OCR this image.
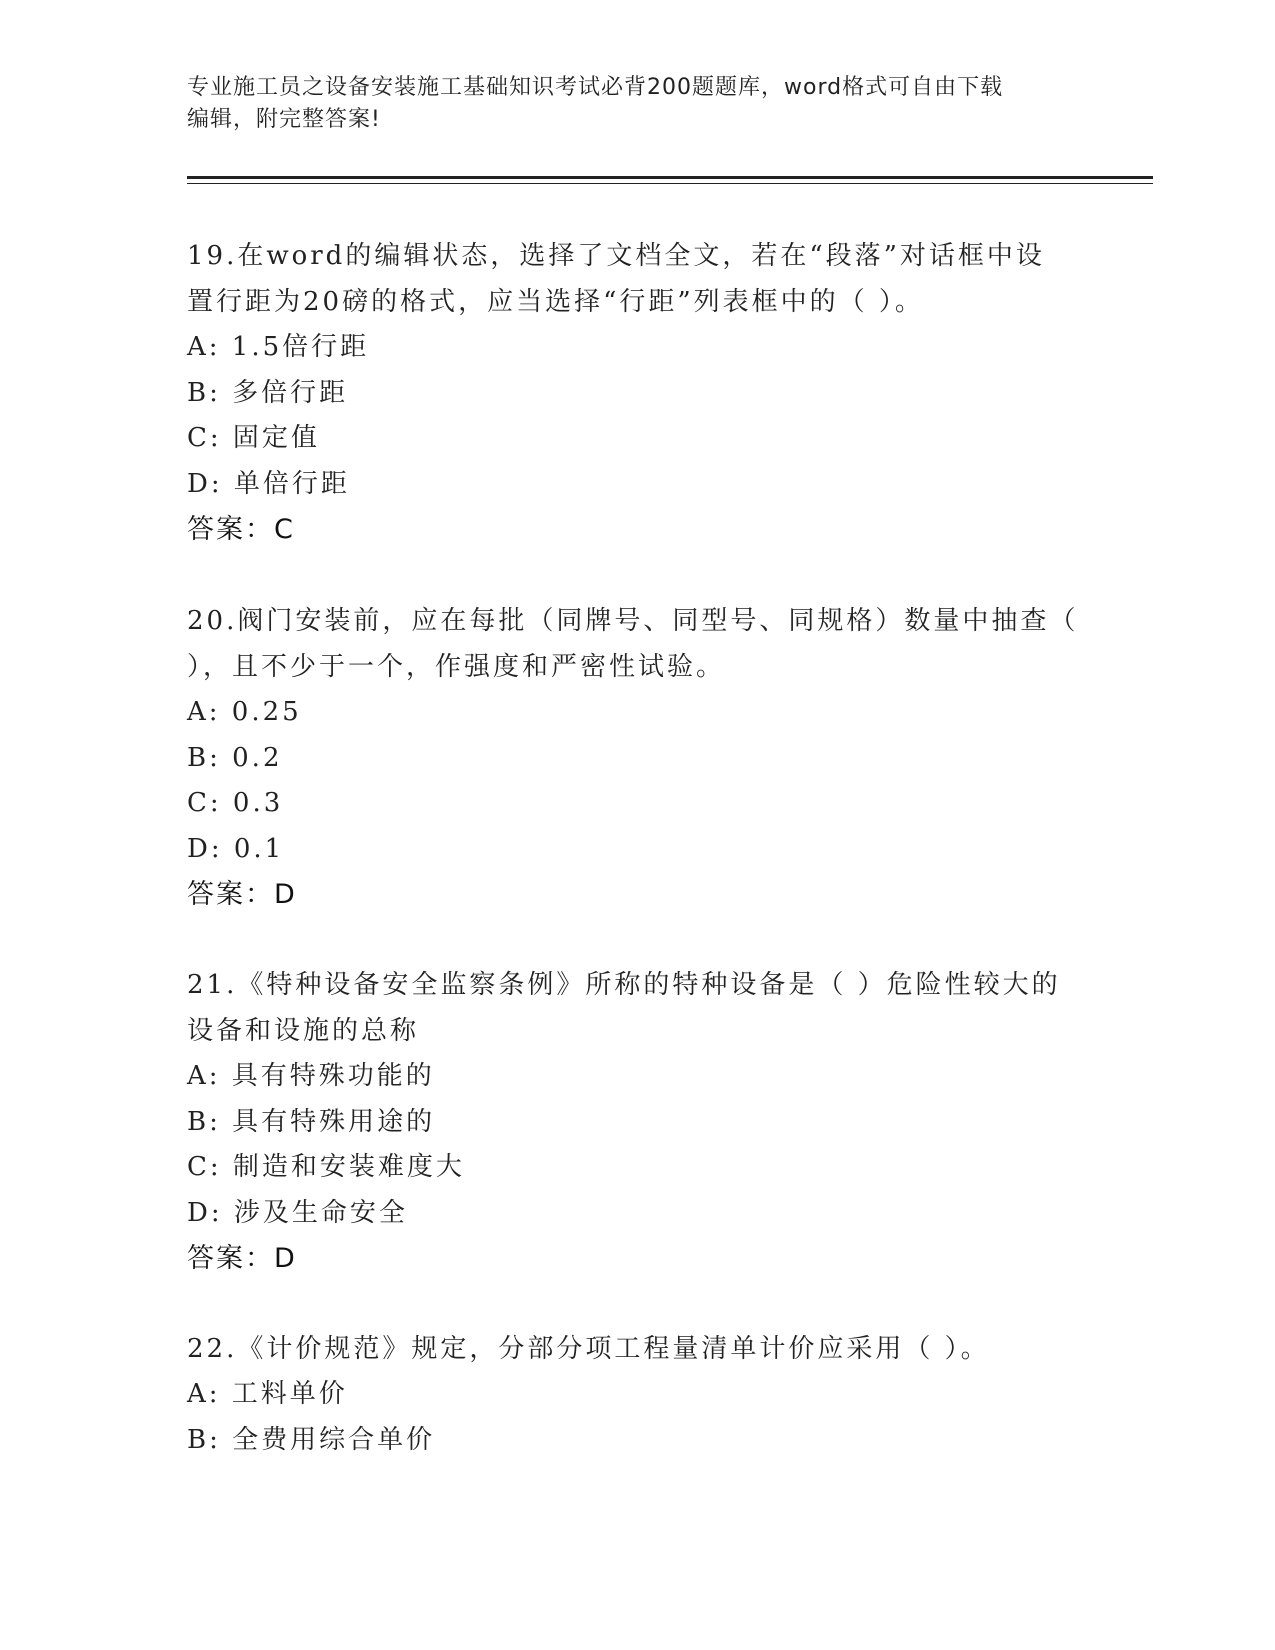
专业施工员之设备安装施工基础知识考试必背200题题库，word格式可自由下载
编辑，附完整答案!

19.在word的编辑状态，选择了文档全文，若在“段落”对话框中设

置行距为20磅的格式，应当选择“行距”列表框中的（ ）。

A: 1.5倍行距

B: 多倍行距

C: 固定值

D: 单倍行距

答案：C

20.阀门安装前，应在每批（同牌号、同型号、同规格）数量中抽查（

），且不少于一个，作强度和严密性试验。

A: 0.25

B: 0.2

C: 0.3

D: 0.1

答案：D

21.《特种设备安全监察条例》所称的特种设备是（ ）危险性较大的

设备和设施的总称

A: 具有特殊功能的

B: 具有特殊用途的

C: 制造和安装难度大

D: 涉及生命安全

答案：D

22.《计价规范》规定，分部分项工程量清单计价应采用（ ）。

A: 工料单价

B: 全费用综合单价
